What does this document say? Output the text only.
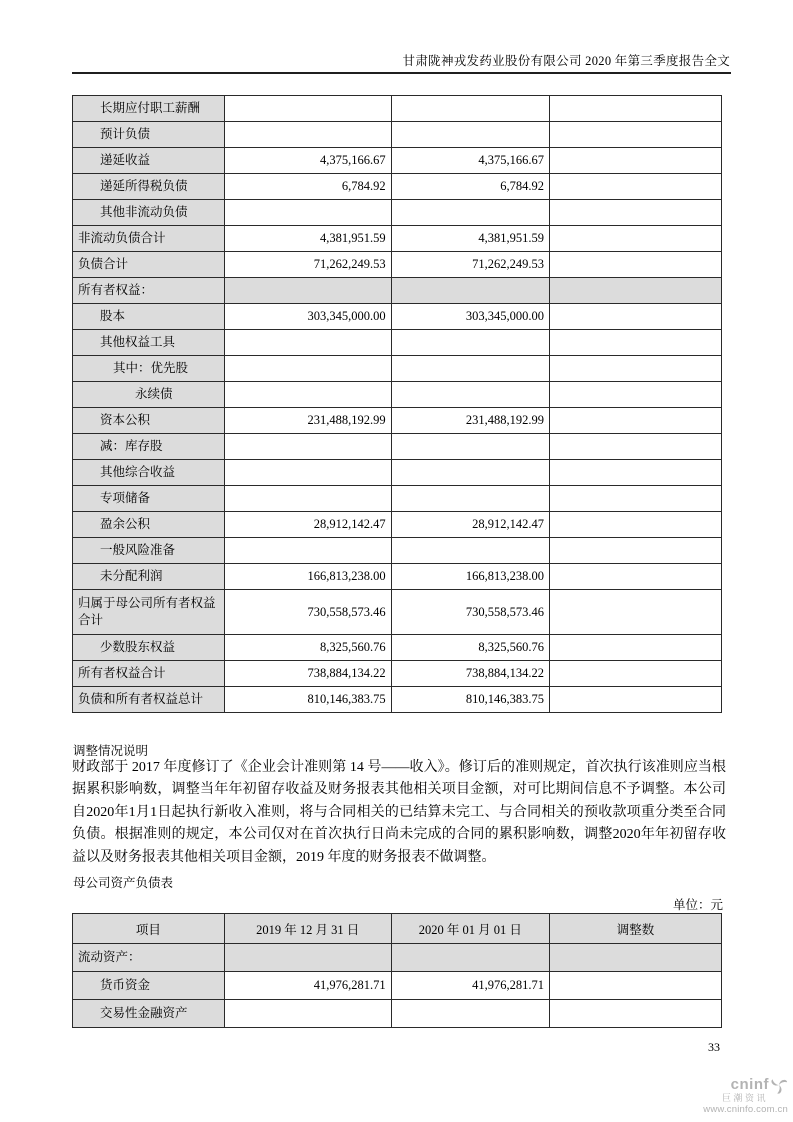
甘肃陇神戎发药业股份有限公司 2020 年第三季度报告全文
长期应付职工薪酬			
预计负债			
递延收益	4,375,166.67	4,375,166.67	
递延所得税负债	6,784.92	6,784.92	
其他非流动负债			
非流动负债合计	4,381,951.59	4,381,951.59	
负债合计	71,262,249.53	71,262,249.53	
所有者权益：			
股本	303,345,000.00	303,345,000.00	
其他权益工具			
其中：优先股			
永续债			
资本公积	231,488,192.99	231,488,192.99	
减：库存股			
其他综合收益			
专项储备			
盈余公积	28,912,142.47	28,912,142.47	
一般风险准备			
未分配利润	166,813,238.00	166,813,238.00	
归属于母公司所有者权益合计	730,558,573.46	730,558,573.46	
少数股东权益	8,325,560.76	8,325,560.76	
所有者权益合计	738,884,134.22	738,884,134.22	
负债和所有者权益总计	810,146,383.75	810,146,383.75	
调整情况说明

财政部于 2017 年度修订了《企业会计准则第 14 号——收入》。修订后的准则规定，首次执行该准则应当根据累积影响数，调整当年年初留存收益及财务报表其他相关项目金额，对可比期间信息不予调整。本公司自2020年1月1日起执行新收入准则，将与合同相关的已结算未完工、与合同相关的预收款项重分类至合同负债。根据准则的规定，本公司仅对在首次执行日尚未完成的合同的累积影响数，调整2020年年初留存收益以及财务报表其他相关项目金额，2019 年度的财务报表不做调整。

母公司资产负债表
单位：元
项目	2019 年 12 月 31 日	2020 年 01 月 01 日	调整数
流动资产：			
货币资金	41,976,281.71	41,976,281.71	
交易性金融资产			
33
cninf
巨潮资讯
www.cninfo.com.cn
